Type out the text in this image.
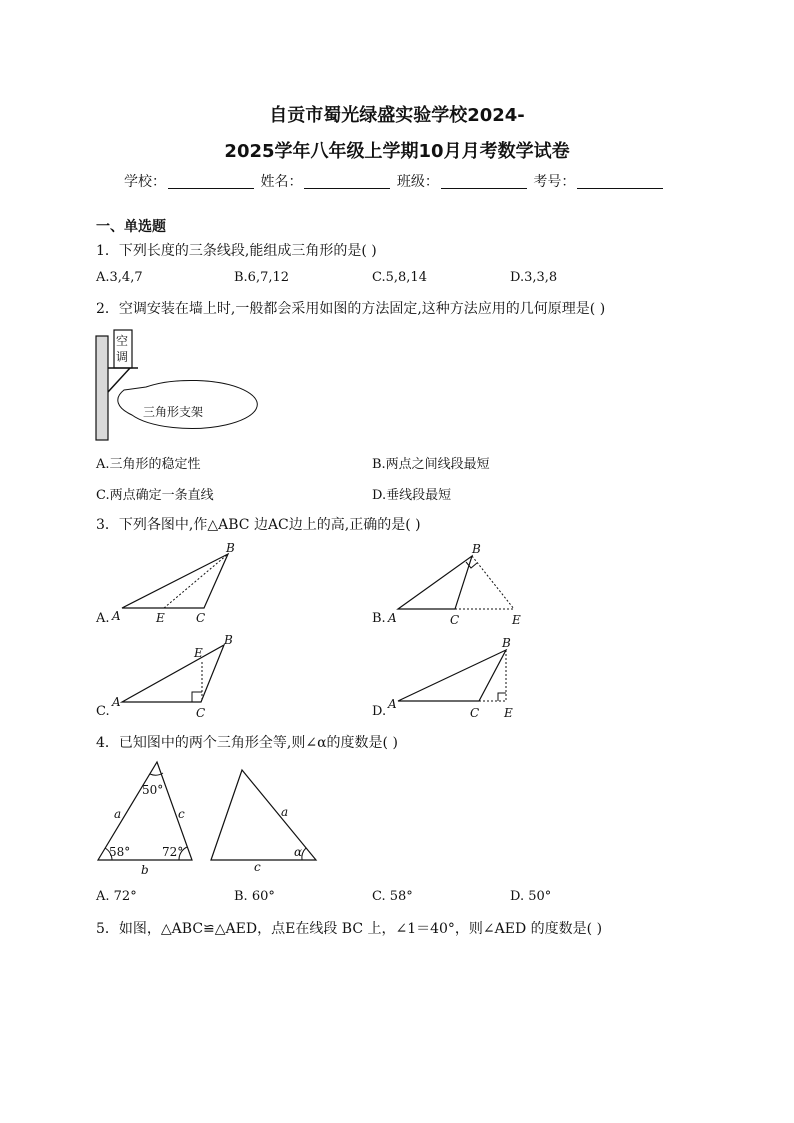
自贡市蜀光绿盛实验学校2024-
2025学年八年级上学期10月月考数学试卷
学校：	姓名：	班级：	考号：
一、单选题
1．下列长度的三条线段,能组成三角形的是( )
A.3,4,7	B.6,7,12	C.5,8,14	D.3,3,8
2．空调安装在墙上时,一般都会采用如图的方法固定,这种方法应用的几何原理是( )
空
调
三角形支架
A.三角形的稳定性	B.两点之间线段最短
C.两点确定一条直线	D.垂线段最短
3．下列各图中,作△ABC 边AC边上的高,正确的是( )
A. A
B
C
E	B. A
B
C	E
C.
A
B
C
E
D. A
B
C E
4．已知图中的两个三角形全等,则∠α的度数是( )
50°
58°	72°
a	c
b
a
c
α
A. 72°	B. 60°	C. 58°	D. 50°
5．如图，△ABC≌△AED，点E在线段 BC 上，∠1＝40°，则∠AED 的度数是( )
